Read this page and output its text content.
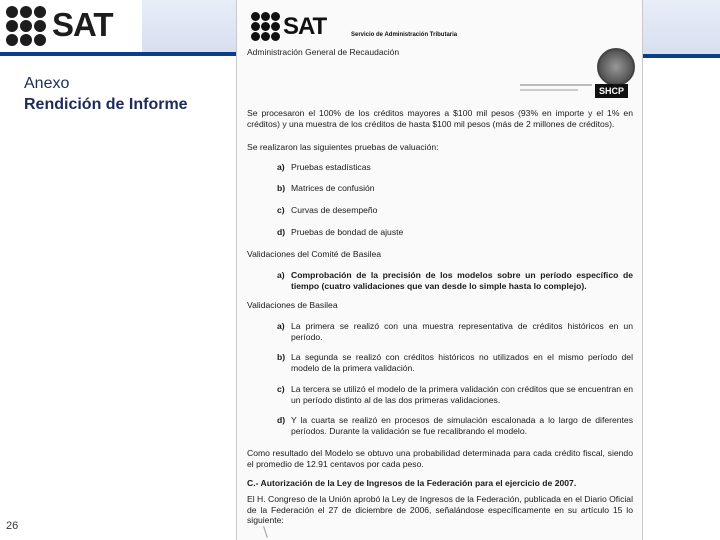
SAT
Anexo
Rendición de Informe
26
SAT	Servicio de Administración Tributaria
Administración General de Recaudación
SHCP
Se procesaron el 100% de los créditos mayores a $100 mil pesos (93% en importe y el 1% en créditos) y una muestra de los créditos de hasta $100 mil pesos (más de 2 millones de créditos).
Se realizaron las siguientes pruebas de valuación:
a) Pruebas estadísticas
b) Matrices de confusión
c) Curvas de desempeño
d) Pruebas de bondad de ajuste
Validaciones del Comité de Basilea
a) Comprobación de la precisión de los modelos sobre un período específico de tiempo (cuatro validaciones que van desde lo simple hasta lo complejo).
Validaciones de Basilea
a) La primera se realizó con una muestra representativa de créditos históricos en un período.
b) La segunda se realizó con créditos históricos no utilizados en el mismo período del modelo de la primera validación.
c) La tercera se utilizó el modelo de la primera validación con créditos que se encuentran en un período distinto al de las dos primeras validaciones.
d) Y la cuarta se realizó en procesos de simulación escalonada a lo largo de diferentes períodos. Durante la validación se fue recalibrando el modelo.
Como resultado del Modelo se obtuvo una probabilidad determinada para cada crédito fiscal, siendo el promedio de 12.91 centavos por cada peso.
C.- Autorización de la Ley de Ingresos de la Federación para el ejercicio de 2007.
El H. Congreso de la Unión aprobó la Ley de Ingresos de la Federación, publicada en el Diario Oficial de la Federación el 27 de diciembre de 2006, señalándose específicamente en su artículo 15 lo siguiente:
